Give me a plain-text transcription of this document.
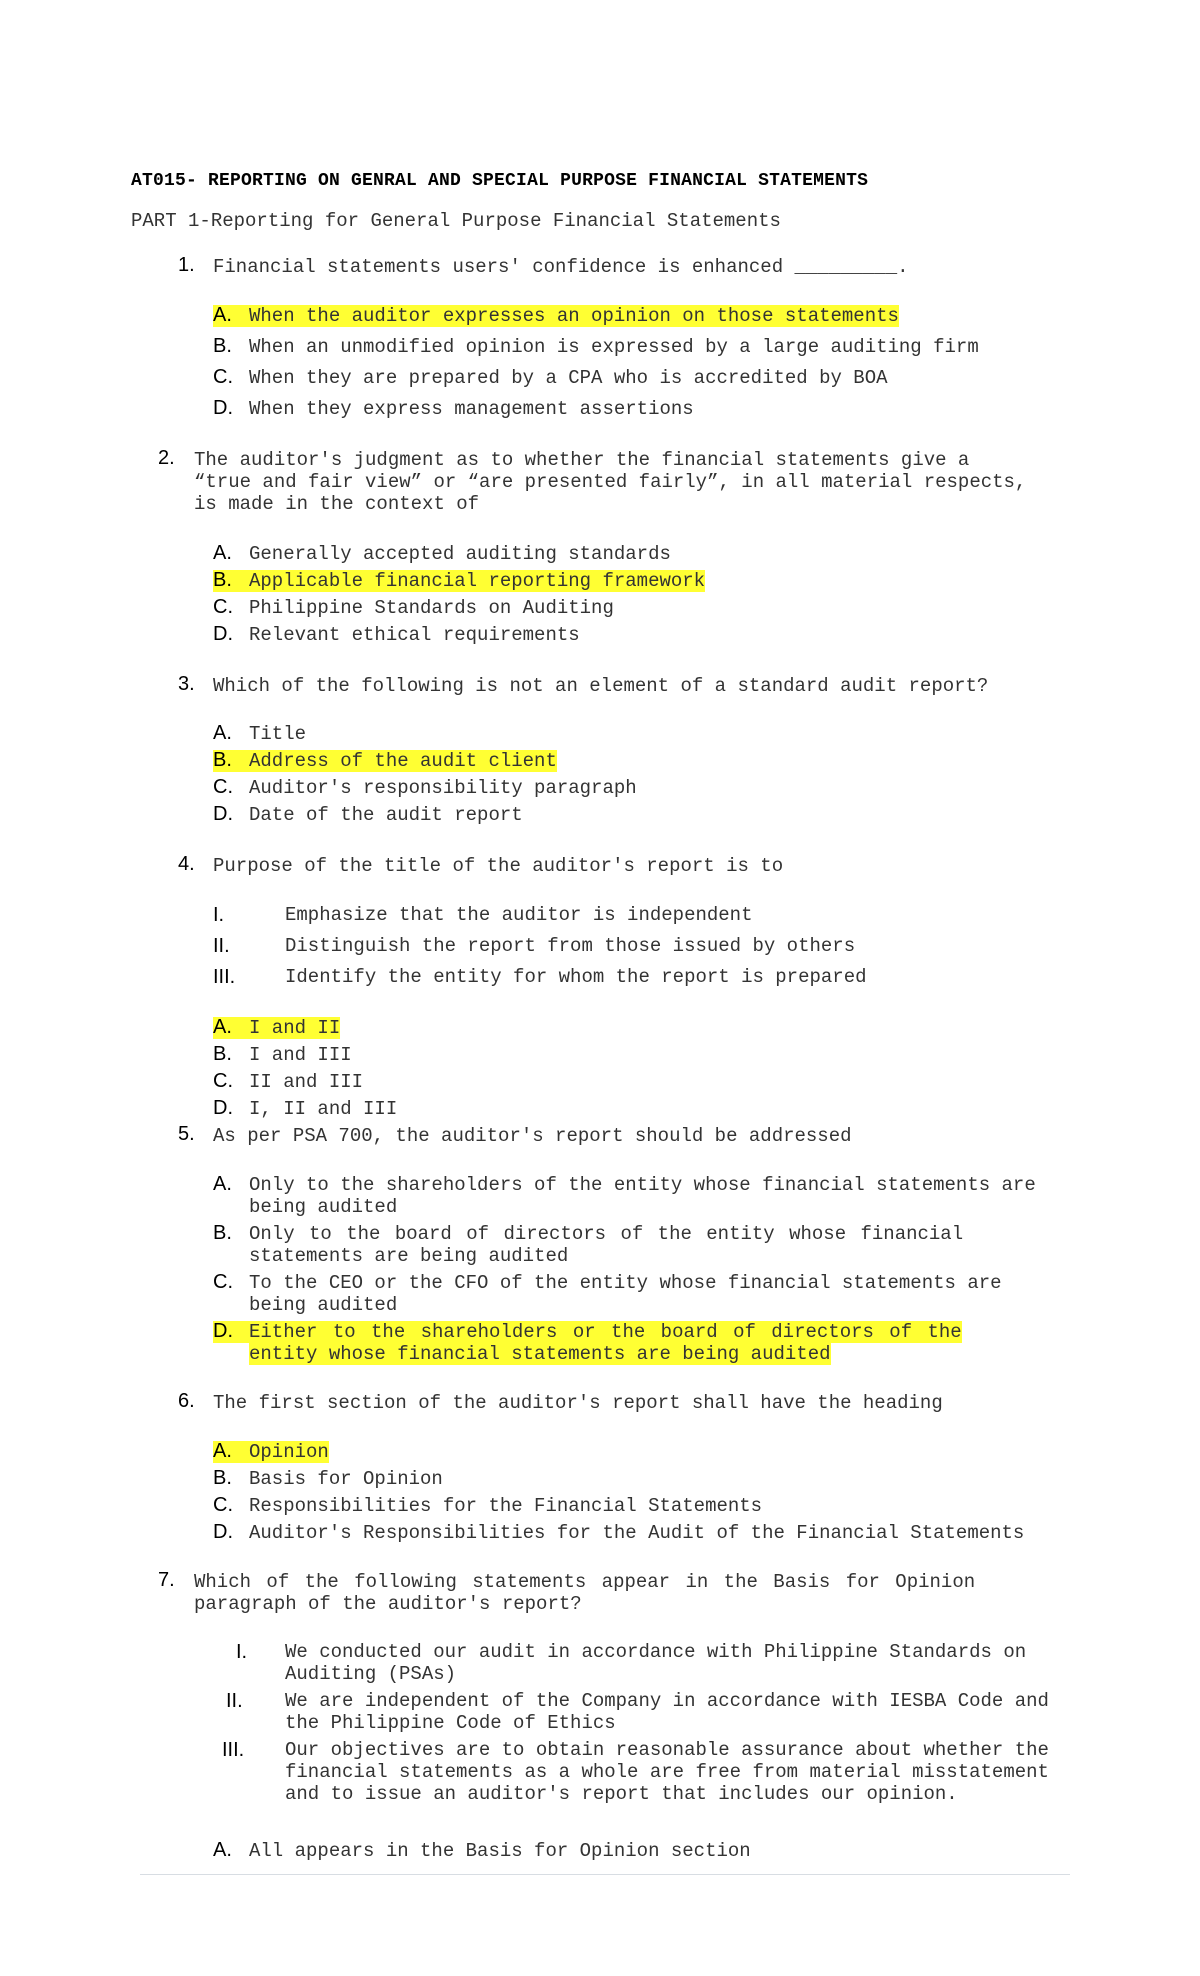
AT015- REPORTING ON GENRAL AND SPECIAL PURPOSE FINANCIAL STATEMENTS
PART 1-Reporting for General Purpose Financial Statements
1. Financial statements users' confidence is enhanced _________.
A. When the auditor expresses an opinion on those statements
B. When an unmodified opinion is expressed by a large auditing firm
C. When they are prepared by a CPA who is accredited by BOA
D. When they express management assertions
2. The auditor's judgment as to whether the financial statements give a
“true and fair view” or “are presented fairly”, in all material respects,
is made in the context of
A. Generally accepted auditing standards
B. Applicable financial reporting framework
C. Philippine Standards on Auditing
D. Relevant ethical requirements
3. Which of the following is not an element of a standard audit report?
A. Title
B. Address of the audit client
C. Auditor's responsibility paragraph
D. Date of the audit report
4. Purpose of the title of the auditor's report is to
I.	Emphasize that the auditor is independent
II.	Distinguish the report from those issued by others
III.	Identify the entity for whom the report is prepared
A. I and II
B. I and III
C. II and III
D. I, II and III
5. As per PSA 700, the auditor's report should be addressed
A. Only to the shareholders of the entity whose financial statements are
being audited
B. Only to the board of directors of the entity whose financial
statements are being audited
C. To the CEO or the CFO of the entity whose financial statements are
being audited
D. Either to the shareholders or the board of directors of the
entity whose financial statements are being audited
6. The first section of the auditor's report shall have the heading
A. Opinion
B. Basis for Opinion
C. Responsibilities for the Financial Statements
D. Auditor's Responsibilities for the Audit of the Financial Statements
7. Which of the following statements appear in the Basis for Opinion
paragraph of the auditor's report?
I. We conducted our audit in accordance with Philippine Standards on
Auditing (PSAs)
II. We are independent of the Company in accordance with IESBA Code and
the Philippine Code of Ethics
III. Our objectives are to obtain reasonable assurance about whether the
financial statements as a whole are free from material misstatement
and to issue an auditor's report that includes our opinion.
A. All appears in the Basis for Opinion section
